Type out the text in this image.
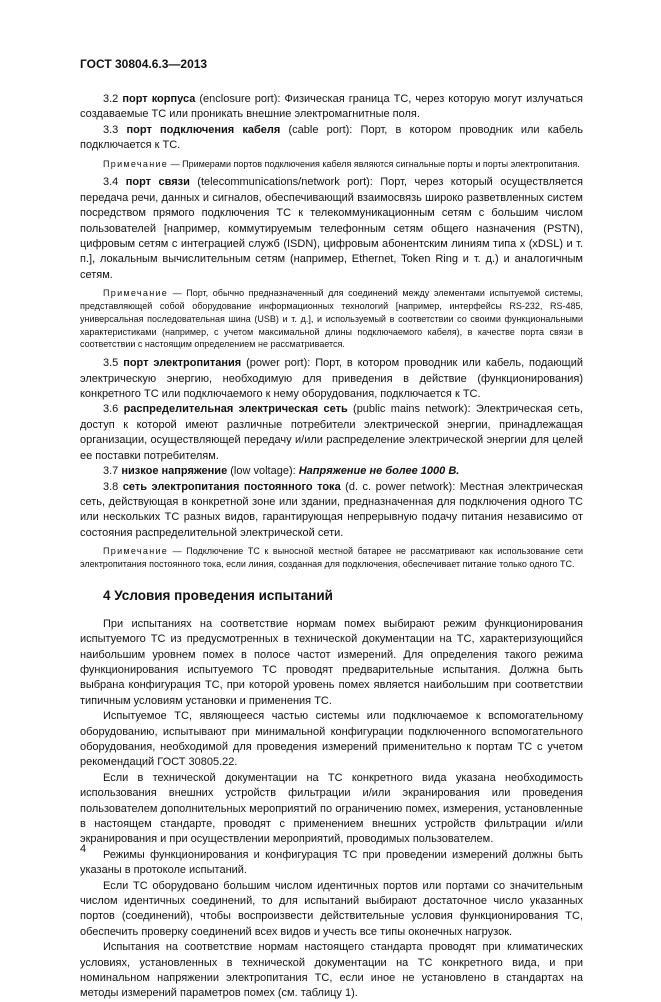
ГОСТ 30804.6.3—2013

3.2 порт корпуса (enclosure port): Физическая граница ТС, через которую могут излучаться создаваемые ТС или проникать внешние электромагнитные поля.

3.3 порт подключения кабеля (cable port): Порт, в котором проводник или кабель подключается к ТС.

Примечание — Примерами портов подключения кабеля являются сигнальные порты и порты электропитания.

3.4 порт связи (telecommunications/network port): Порт, через который осуществляется передача речи, данных и сигналов, обеспечивающий взаимосвязь широко разветвленных систем посредством прямого подключения ТС к телекоммуникационным сетям с большим числом пользователей [например, коммутируемым телефонным сетям общего назначения (PSTN), цифровым сетям с интеграцией служб (ISDN), цифровым абонентским линиям типа x (xDSL) и т. п.], локальным вычислительным сетям (например, Ethernet, Token Ring и т. д.) и аналогичным сетям.

Примечание — Порт, обычно предназначенный для соединений между элементами испытуемой системы, представляющей собой оборудование информационных технологий [например, интерфейсы RS-232, RS-485, универсальная последовательная шина (USB) и т. д.], и используемый в соответствии со своими функциональными характеристиками (например, с учетом максимальной длины подключаемого кабеля), в качестве порта связи в соответствии с настоящим определением не рассматривается.

3.5 порт электропитания (power port): Порт, в котором проводник или кабель, подающий электрическую энергию, необходимую для приведения в действие (функционирования) конкретного ТС или подключаемого к нему оборудования, подключается к ТС.

3.6 распределительная электрическая сеть (public mains network): Электрическая сеть, доступ к которой имеют различные потребители электрической энергии, принадлежащая организации, осуществляющей передачу и/или распределение электрической энергии для целей ее поставки потребителям.

3.7 низкое напряжение (low voltage): Напряжение не более 1000 В.

3.8 сеть электропитания постоянного тока (d. c. power network): Местная электрическая сеть, действующая в конкретной зоне или здании, предназначенная для подключения одного ТС или нескольких ТС разных видов, гарантирующая непрерывную подачу питания независимо от состояния распределительной электрической сети.

Примечание — Подключение ТС к выносной местной батарее не рассматривают как использование сети электропитания постоянного тока, если линия, созданная для подключения, обеспечивает питание только одного ТС.

4 Условия проведения испытаний

При испытаниях на соответствие нормам помех выбирают режим функционирования испытуемого ТС из предусмотренных в технической документации на ТС, характеризующийся наибольшим уровнем помех в полосе частот измерений. Для определения такого режима функционирования испытуемого ТС проводят предварительные испытания. Должна быть выбрана конфигурация ТС, при которой уровень помех является наибольшим при соответствии типичным условиям установки и применения ТС.

Испытуемое ТС, являющееся частью системы или подключаемое к вспомогательному оборудованию, испытывают при минимальной конфигурации подключенного вспомогательного оборудования, необходимой для проведения измерений применительно к портам ТС с учетом рекомендаций ГОСТ 30805.22.

Если в технической документации на ТС конкретного вида указана необходимость использования внешних устройств фильтрации и/или экранирования или проведения пользователем дополнительных мероприятий по ограничению помех, измерения, установленные в настоящем стандарте, проводят с применением внешних устройств фильтрации и/или экранирования и при осуществлении мероприятий, проводимых пользователем.

Режимы функционирования и конфигурация ТС при проведении измерений должны быть указаны в протоколе испытаний.

Если ТС оборудовано большим числом идентичных портов или портами со значительным числом идентичных соединений, то для испытаний выбирают достаточное число указанных портов (соединений), чтобы воспроизвести действительные условия функционирования ТС, обеспечить проверку соединений всех видов и учесть все типы оконечных нагрузок.

Испытания на соответствие нормам настоящего стандарта проводят при климатических условиях, установленных в технической документации на ТС конкретного вида, и при номинальном напряжении электропитания ТС, если иное не установлено в стандартах на методы измерений параметров помех (см. таблицу 1).

4
